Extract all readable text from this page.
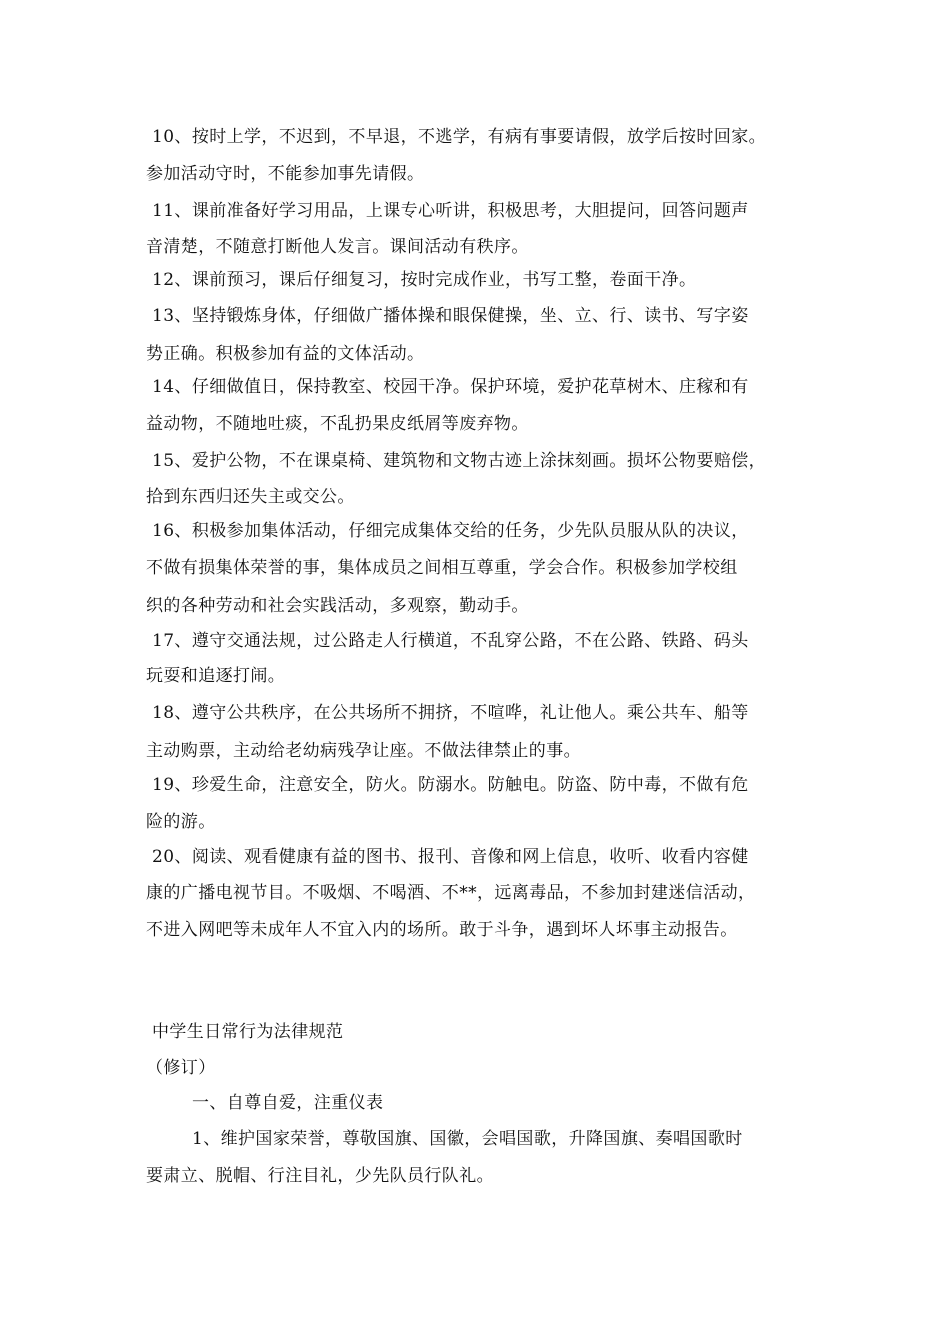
10、按时上学，不迟到，不早退，不逃学，有病有事要请假，放学后按时回家。
参加活动守时，不能参加事先请假。
11、课前准备好学习用品，上课专心听讲，积极思考，大胆提问，回答问题声
音清楚，不随意打断他人发言。课间活动有秩序。
12、课前预习，课后仔细复习，按时完成作业，书写工整，卷面干净。
13、坚持锻炼身体，仔细做广播体操和眼保健操，坐、立、行、读书、写字姿
势正确。积极参加有益的文体活动。
14、仔细做值日，保持教室、校园干净。保护环境，爱护花草树木、庄稼和有
益动物，不随地吐痰，不乱扔果皮纸屑等废弃物。
15、爱护公物，不在课桌椅、建筑物和文物古迹上涂抹刻画。损坏公物要赔偿，
拾到东西归还失主或交公。
16、积极参加集体活动，仔细完成集体交给的任务，少先队员服从队的决议，
不做有损集体荣誉的事，集体成员之间相互尊重，学会合作。积极参加学校组
织的各种劳动和社会实践活动，多观察，勤动手。
17、遵守交通法规，过公路走人行横道，不乱穿公路，不在公路、铁路、码头
玩耍和追逐打闹。
18、遵守公共秩序，在公共场所不拥挤，不喧哗，礼让他人。乘公共车、船等
主动购票，主动给老幼病残孕让座。不做法律禁止的事。
19、珍爱生命，注意安全，防火。防溺水。防触电。防盗、防中毒，不做有危
险的游。
20、阅读、观看健康有益的图书、报刊、音像和网上信息，收听、收看内容健
康的广播电视节目。不吸烟、不喝酒、不**，远离毒品，不参加封建迷信活动，
不进入网吧等未成年人不宜入内的场所。敢于斗争，遇到坏人坏事主动报告。
中学生日常行为法律规范
（修订）
一、自尊自爱，注重仪表
1、维护国家荣誉，尊敬国旗、国徽，会唱国歌，升降国旗、奏唱国歌时
要肃立、脱帽、行注目礼，少先队员行队礼。
